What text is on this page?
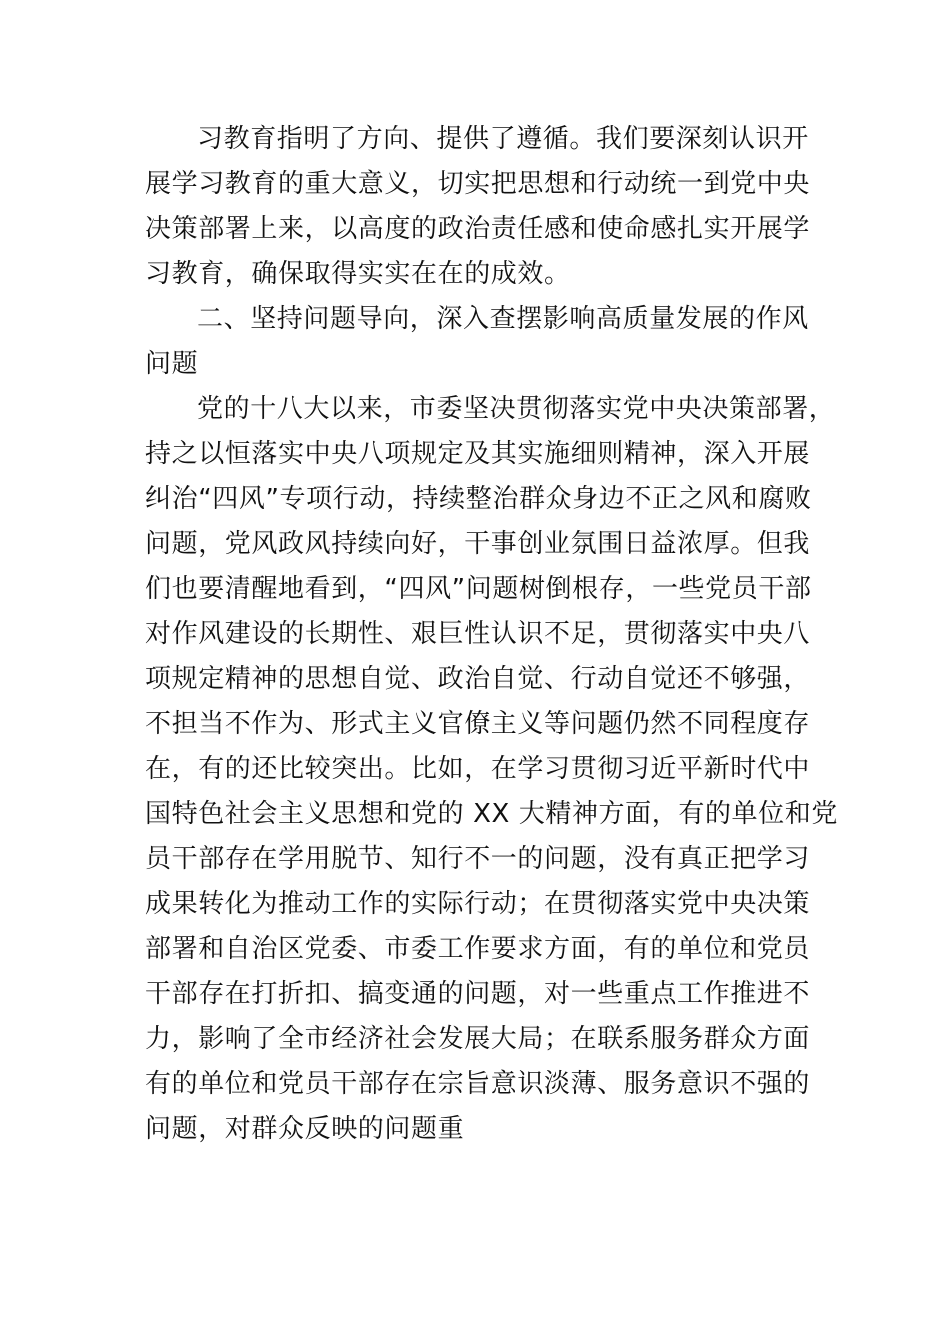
习教育指明了方向、提供了遵循。我们要深刻认识开
展学习教育的重大意义，切实把思想和行动统一到党中央
决策部署上来，以高度的政治责任感和使命感扎实开展学
习教育，确保取得实实在在的成效。
二、坚持问题导向，深入查摆影响高质量发展的作风
问题
党的十八大以来，市委坚决贯彻落实党中央决策部署，
持之以恒落实中央八项规定及其实施细则精神，深入开展
纠治“四风”专项行动，持续整治群众身边不正之风和腐败
问题，党风政风持续向好，干事创业氛围日益浓厚。但我
们也要清醒地看到，“四风”问题树倒根存，一些党员干部
对作风建设的长期性、艰巨性认识不足，贯彻落实中央八
项规定精神的思想自觉、政治自觉、行动自觉还不够强，
不担当不作为、形式主义官僚主义等问题仍然不同程度存
在，有的还比较突出。比如，在学习贯彻习近平新时代中
国特色社会主义思想和党的 XX 大精神方面，有的单位和党
员干部存在学用脱节、知行不一的问题，没有真正把学习
成果转化为推动工作的实际行动；在贯彻落实党中央决策
部署和自治区党委、市委工作要求方面，有的单位和党员
干部存在打折扣、搞变通的问题，对一些重点工作推进不
力，影响了全市经济社会发展大局；在联系服务群众方面
有的单位和党员干部存在宗旨意识淡薄、服务意识不强的
问题，对群众反映的问题重
